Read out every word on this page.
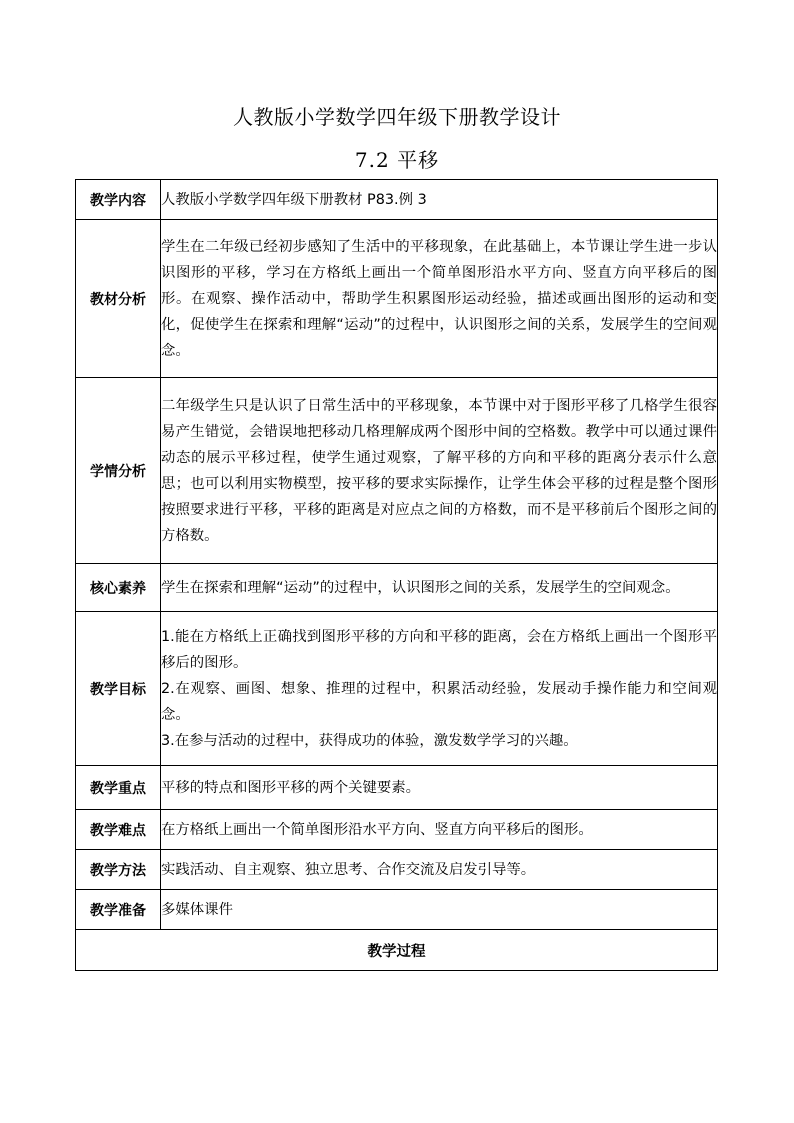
人教版小学数学四年级下册教学设计
7.2 平移
教学内容	人教版小学数学四年级下册教材 P83.例 3

教材分析	学生在二年级已经初步感知了生活中的平移现象，在此基础上，本节课让学生进一步认识图形的平移，学习在方格纸上画出一个简单图形沿水平方向、竖直方向平移后的图形。在观察、操作活动中，帮助学生积累图形运动经验，描述或画出图形的运动和变化，促使学生在探索和理解“运动”的过程中，认识图形之间的关系，发展学生的空间观念。

学情分析	二年级学生只是认识了日常生活中的平移现象，本节课中对于图形平移了几格学生很容易产生错觉，会错误地把移动几格理解成两个图形中间的空格数。教学中可以通过课件动态的展示平移过程，使学生通过观察，了解平移的方向和平移的距离分表示什么意思；也可以利用实物模型，按平移的要求实际操作，让学生体会平移的过程是整个图形按照要求进行平移，平移的距离是对应点之间的方格数，而不是平移前后个图形之间的方格数。

核心素养	学生在探索和理解“运动”的过程中，认识图形之间的关系，发展学生的空间观念。

教学目标	1.能在方格纸上正确找到图形平移的方向和平移的距离，会在方格纸上画出一个图形平移后的图形。

2.在观察、画图、想象、推理的过程中，积累活动经验，发展动手操作能力和空间观念。

3.在参与活动的过程中，获得成功的体验，激发数学学习的兴趣。

教学重点	平移的特点和图形平移的两个关键要素。

教学难点	在方格纸上画出一个简单图形沿水平方向、竖直方向平移后的图形。

教学方法	实践活动、自主观察、独立思考、合作交流及启发引导等。

教学准备	多媒体课件

教学过程	
